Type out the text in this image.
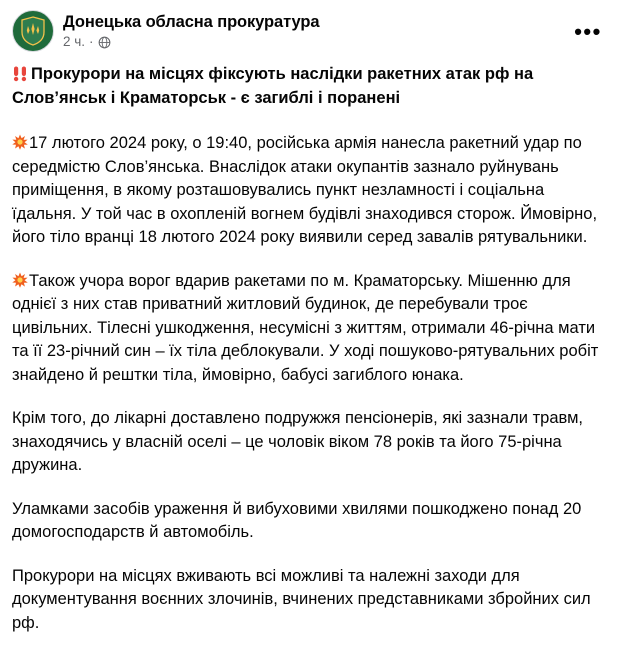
Донецька обласна прокуратура
2 ч. ·	•••

Прокурори на місцях фіксують наслідки ракетних атак рф на Слов’янськ і Краматорськ - є загиблі і поранені

17 лютого 2024 року, о 19:40, російська армія нанесла ракетний удар по середмістю Слов’янська. Внаслідок атаки окупантів зазнало руйнувань приміщення, в якому розташовувались пункт незламності і соціальна їдальня. У той час в охопленій вогнем будівлі знаходився сторож. Ймовірно, його тіло вранці 18 лютого 2024 року виявили серед завалів рятувальники.

Також учора ворог вдарив ракетами по м. Краматорську. Мішенню для однієї з них став приватний житловий будинок, де перебували троє цивільних. Тілесні ушкодження, несумісні з життям, отримали 46-річна мати та її 23-річний син – їх тіла деблокували. У ході пошуково-рятувальних робіт знайдено й рештки тіла, ймовірно, бабусі загиблого юнака.

Крім того, до лікарні доставлено подружжя пенсіонерів, які зазнали травм, знаходячись у власній оселі – це чоловік віком 78 років та його 75-річна дружина.

Уламками засобів ураження й вибуховими хвилями пошкоджено понад 20 домогосподарств й автомобіль.

Прокурори на місцях вживають всі можливі та належні заходи для документування воєнних злочинів, вчинених представниками збройних сил рф.
